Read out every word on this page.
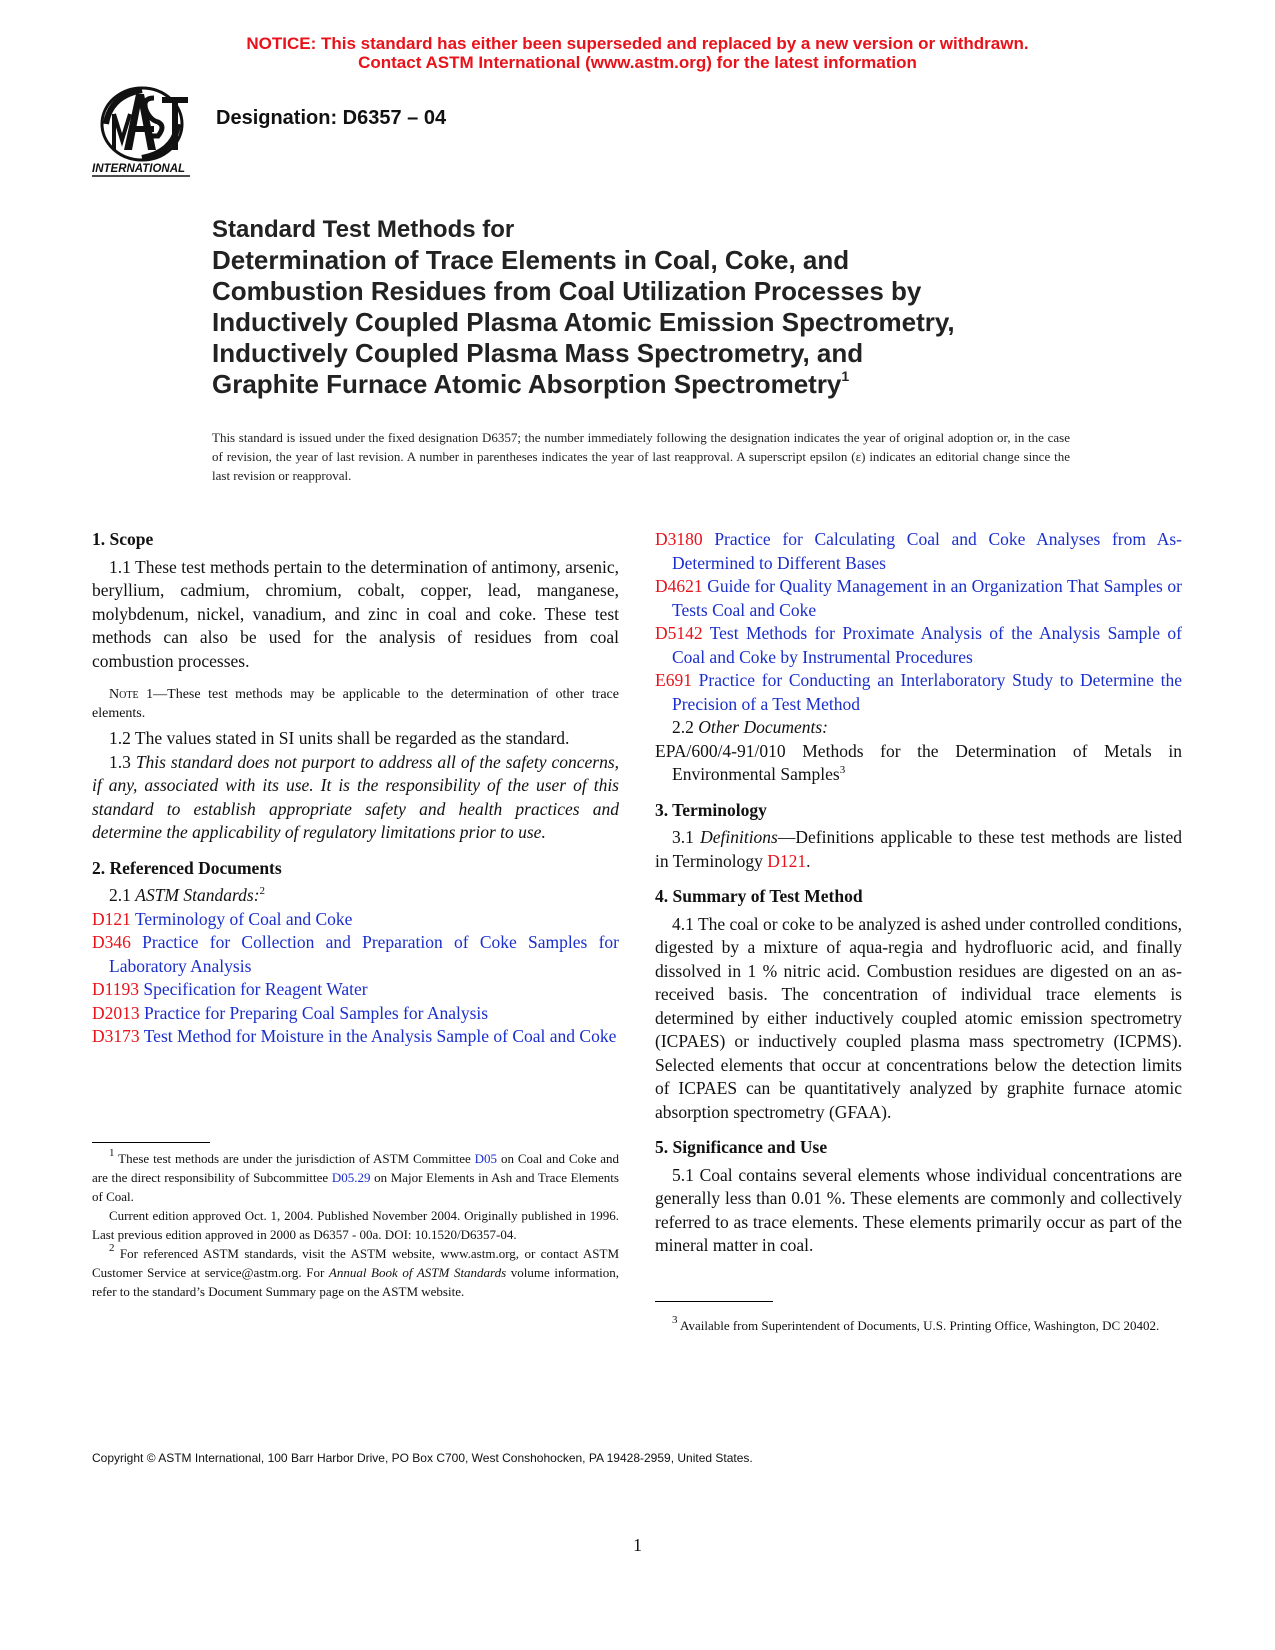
NOTICE: This standard has either been superseded and replaced by a new version or withdrawn.
Contact ASTM International (www.astm.org) for the latest information
INTERNATIONAL
Designation: D6357 – 04
Standard Test Methods for
Determination of Trace Elements in Coal, Coke, and
Combustion Residues from Coal Utilization Processes by
Inductively Coupled Plasma Atomic Emission Spectrometry,
Inductively Coupled Plasma Mass Spectrometry, and
Graphite Furnace Atomic Absorption Spectrometry$^1$
This standard is issued under the fixed designation D6357; the number immediately following the designation indicates the year of original adoption or, in the case of revision, the year of last revision. A number in parentheses indicates the year of last reapproval. A superscript epsilon (ε) indicates an editorial change since the last revision or reapproval.
1. Scope

1.1 These test methods pertain to the determination of antimony, arsenic, beryllium, cadmium, chromium, cobalt, copper, lead, manganese, molybdenum, nickel, vanadium, and zinc in coal and coke. These test methods can also be used for the analysis of residues from coal combustion processes.

Note 1—These test methods may be applicable to the determination of other trace elements.

1.2 The values stated in SI units shall be regarded as the standard.

1.3 This standard does not purport to address all of the safety concerns, if any, associated with its use. It is the responsibility of the user of this standard to establish appropriate safety and health practices and determine the applicability of regulatory limitations prior to use.

2. Referenced Documents

2.1 ASTM Standards:$^2$

D121 Terminology of Coal and Coke

D346 Practice for Collection and Preparation of Coke Samples for Laboratory Analysis

D1193 Specification for Reagent Water

D2013 Practice for Preparing Coal Samples for Analysis

D3173 Test Method for Moisture in the Analysis Sample of Coal and Coke

$^1$ These test methods are under the jurisdiction of ASTM Committee D05 on Coal and Coke and are the direct responsibility of Subcommittee D05.29 on Major Elements in Ash and Trace Elements of Coal.

Current edition approved Oct. 1, 2004. Published November 2004. Originally published in 1996. Last previous edition approved in 2000 as D6357 - 00a. DOI: 10.1520/D6357-04.

$^2$ For referenced ASTM standards, visit the ASTM website, www.astm.org, or contact ASTM Customer Service at service@astm.org. For Annual Book of ASTM Standards volume information, refer to the standard’s Document Summary page on the ASTM website.

D3180 Practice for Calculating Coal and Coke Analyses from As-Determined to Different Bases

D4621 Guide for Quality Management in an Organization That Samples or Tests Coal and Coke

D5142 Test Methods for Proximate Analysis of the Analysis Sample of Coal and Coke by Instrumental Procedures

E691 Practice for Conducting an Interlaboratory Study to Determine the Precision of a Test Method

2.2 Other Documents:

EPA/600/4-91/010 Methods for the Determination of Metals in Environmental Samples$^3$

3. Terminology

3.1 Definitions—Definitions applicable to these test methods are listed in Terminology D121.

4. Summary of Test Method

4.1 The coal or coke to be analyzed is ashed under controlled conditions, digested by a mixture of aqua-regia and hydrofluoric acid, and finally dissolved in 1 % nitric acid. Combustion residues are digested on an as-received basis. The concentration of individual trace elements is determined by either inductively coupled atomic emission spectrometry (ICPAES) or inductively coupled plasma mass spectrometry (ICPMS). Selected elements that occur at concentrations below the detection limits of ICPAES can be quantitatively analyzed by graphite furnace atomic absorption spectrometry (GFAA).

5. Significance and Use

5.1 Coal contains several elements whose individual concentrations are generally less than 0.01 %. These elements are commonly and collectively referred to as trace elements. These elements primarily occur as part of the mineral matter in coal.

$^3$ Available from Superintendent of Documents, U.S. Printing Office, Washington, DC 20402.

Copyright © ASTM International, 100 Barr Harbor Drive, PO Box C700, West Conshohocken, PA 19428-2959, United States.
1
